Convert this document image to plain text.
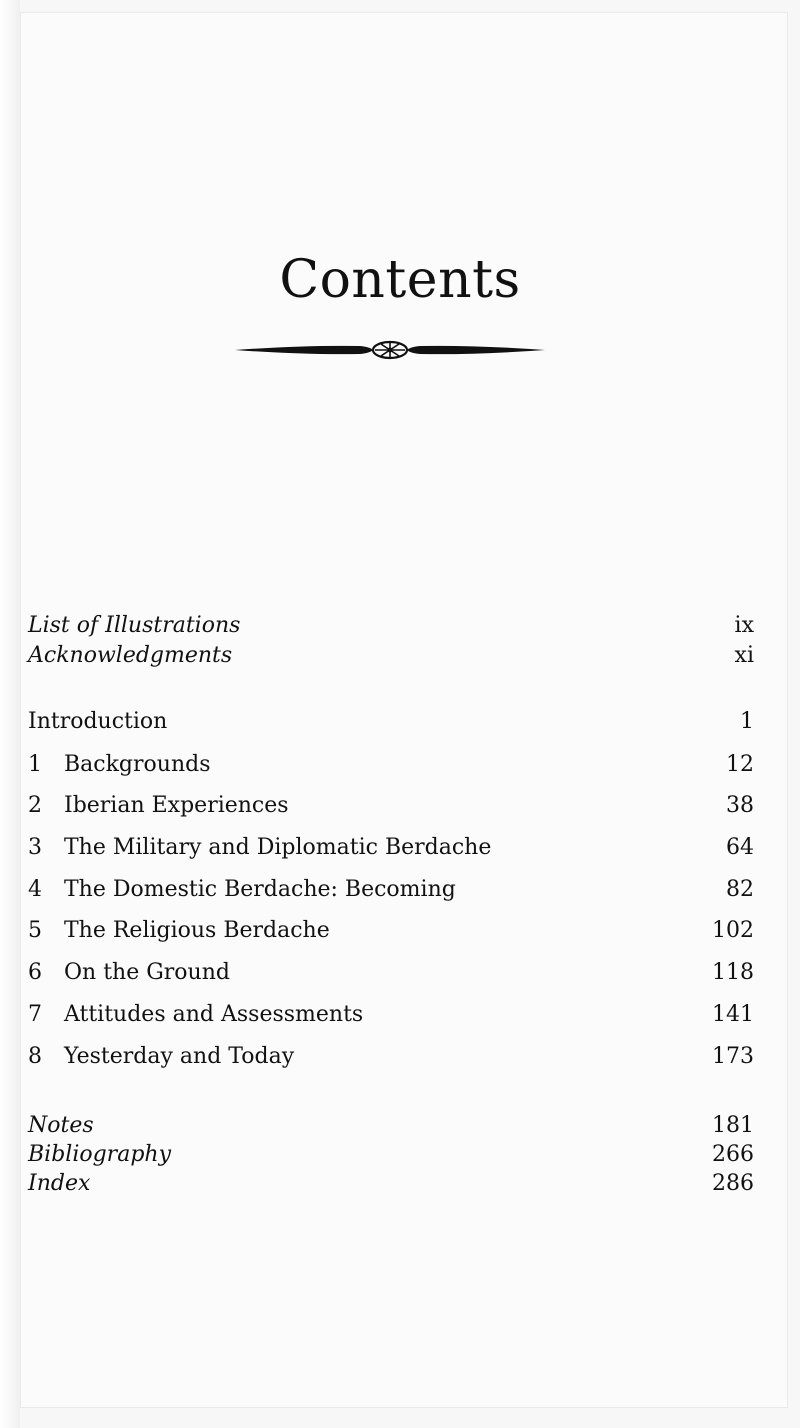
Contents
List of Illustrations	ix
Acknowledgments	xi
Introduction	1
1	Backgrounds	12
2	Iberian Experiences	38
3	The Military and Diplomatic Berdache	64
4	The Domestic Berdache: Becoming	82
5	The Religious Berdache	102
6	On the Ground	118
7	Attitudes and Assessments	141
8	Yesterday and Today	173
Notes	181
Bibliography	266
Index	286
